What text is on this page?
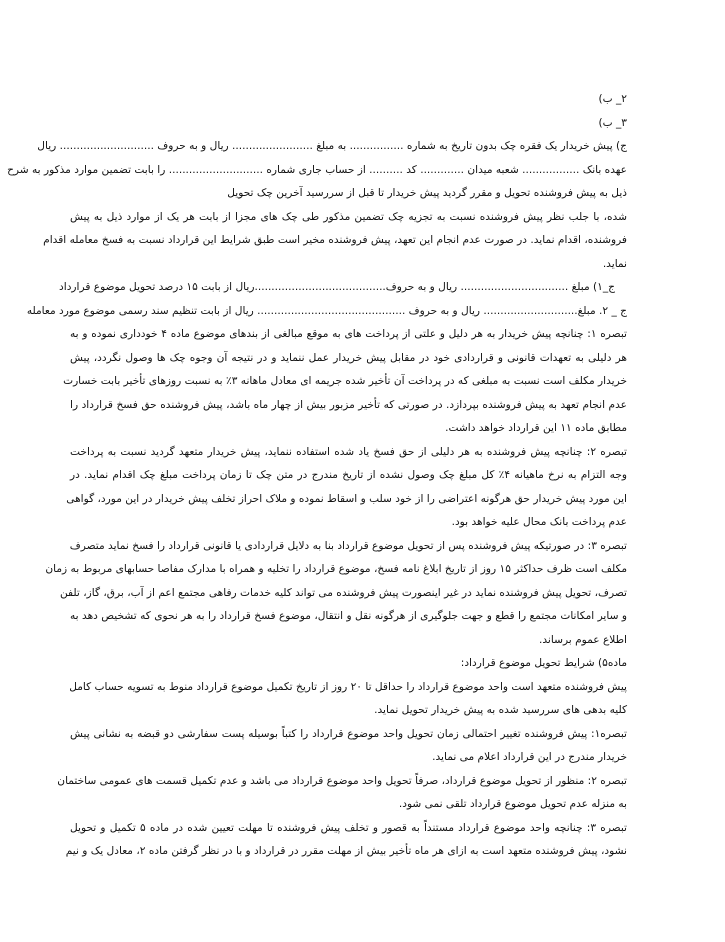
۲_ ب)
۳_ ب)
ج) پیش خریدار یک فقره چک بدون تاریخ به شماره ................ به مبلغ ........................ ریال و به حروف ............................ ریال
عهده بانک ................. شعبه میدان ............. کد .......... از حساب جاری شماره ............................ را بابت تضمین موارد مذکور به شرح
ذیل به پیش فروشنده تحویل و مقرر گردید پیش خریدار تا قبل از سررسید آخرین چک تحویل
شده، با جلب نظر پیش فروشنده نسبت به تجزیه چک تضمین مذکور طی چک های مجزا از بابت هر یک از موارد ذیل به پیش
فروشنده، اقدام نماید. در صورت عدم انجام این تعهد، پیش فروشنده مخیر است طبق شرایط این قرارداد نسبت به فسخ معامله اقدام
نماید.
ج_۱) مبلغ ................................ ریال و به حروف.......................................ریال از بابت ۱۵ درصد تحویل موضوع قرارداد
ج _ ۲. مبلغ............................ ریال و به حروف ............................................ ریال از بابت تنظیم سند رسمی موضوع مورد معامله
تبصره ۱: چنانچه پیش خریدار به هر دلیل و علتی از پرداخت های به موقع مبالغی از بندهای موضوع ماده ۴ خودداری نموده و به
هر دلیلی به تعهدات قانونی و قراردادی خود در مقابل پیش خریدار عمل ننماید و در نتیجه آن وجوه چک ها وصول نگردد، پیش
خریدار مکلف است نسبت به مبلغی که در پرداخت آن تأخیر شده جریمه ای معادل ماهانه ۳٪ به نسبت روزهای تأخیر بابت خسارت
عدم انجام تعهد به پیش فروشنده بپردازد. در صورتی که تأخیر مزبور بیش از چهار ماه باشد، پیش فروشنده حق فسخ قرارداد را
مطابق ماده ۱۱ این قرارداد خواهد داشت.
تبصره ۲: چنانچه پیش فروشنده به هر دلیلی از حق فسخ یاد شده استفاده ننماید، پیش خریدار متعهد گردید نسبت به پرداخت
وجه التزام به نرخ ماهیانه ۴٪ کل مبلغ چک وصول نشده از تاریخ مندرج در متن چک تا زمان پرداخت مبلغ چک اقدام نماید. در
این مورد پیش خریدار حق هرگونه اعتراضی را از خود سلب و اسقاط نموده و ملاک احراز تخلف پیش خریدار در این مورد، گواهی
عدم پرداخت بانک محال علیه خواهد بود.
تبصره ۳: در صورتیکه پیش فروشنده پس از تحویل موضوع قرارداد بنا به دلایل قراردادی یا قانونی قرارداد را فسخ نماید متصرف
مکلف است ظرف حداکثر ۱۵ روز از تاریخ ابلاغ نامه فسخ، موضوع قرارداد را تخلیه و همراه با مدارک مفاصا حسابهای مربوط به زمان
تصرف، تحویل پیش فروشنده نماید در غیر اینصورت پیش فروشنده می تواند کلیه خدمات رفاهی مجتمع اعم از آب، برق، گاز، تلفن
و سایر امکانات مجتمع را قطع و جهت جلوگیری از هرگونه نقل و انتقال، موضوع فسخ قرارداد را به هر نحوی که تشخیص دهد به
اطلاع عموم برساند.
ماده۵) شرایط تحویل موضوع قرارداد:
پیش فروشنده متعهد است واحد موضوع قرارداد را حداقل تا ۲۰ روز از تاریخ تکمیل موضوع قرارداد منوط به تسویه حساب کامل
کلیه بدهی های سررسید شده به پیش خریدار تحویل نماید.
تبصره۱: پیش فروشنده تغییر احتمالی زمان تحویل واحد موضوع قرارداد را کتباً بوسیله پست سفارشی دو قبضه به نشانی پیش
خریدار مندرج در این قرارداد اعلام می نماید.
تبصره ۲: منظور از تحویل موضوع قرارداد، صرفاً تحویل واحد موضوع قرارداد می باشد و عدم تکمیل قسمت های عمومی ساختمان
به منزله عدم تحویل موضوع قرارداد تلقی نمی شود.
تبصره ۳: چنانچه واحد موضوع قرارداد مستنداً به قصور و تخلف پیش فروشنده تا مهلت تعیین شده در ماده ۵ تکمیل و تحویل
نشود، پیش فروشنده متعهد است به ازای هر ماه تأخیر بیش از مهلت مقرر در قرارداد و با در نظر گرفتن ماده ۲، معادل یک و نیم
